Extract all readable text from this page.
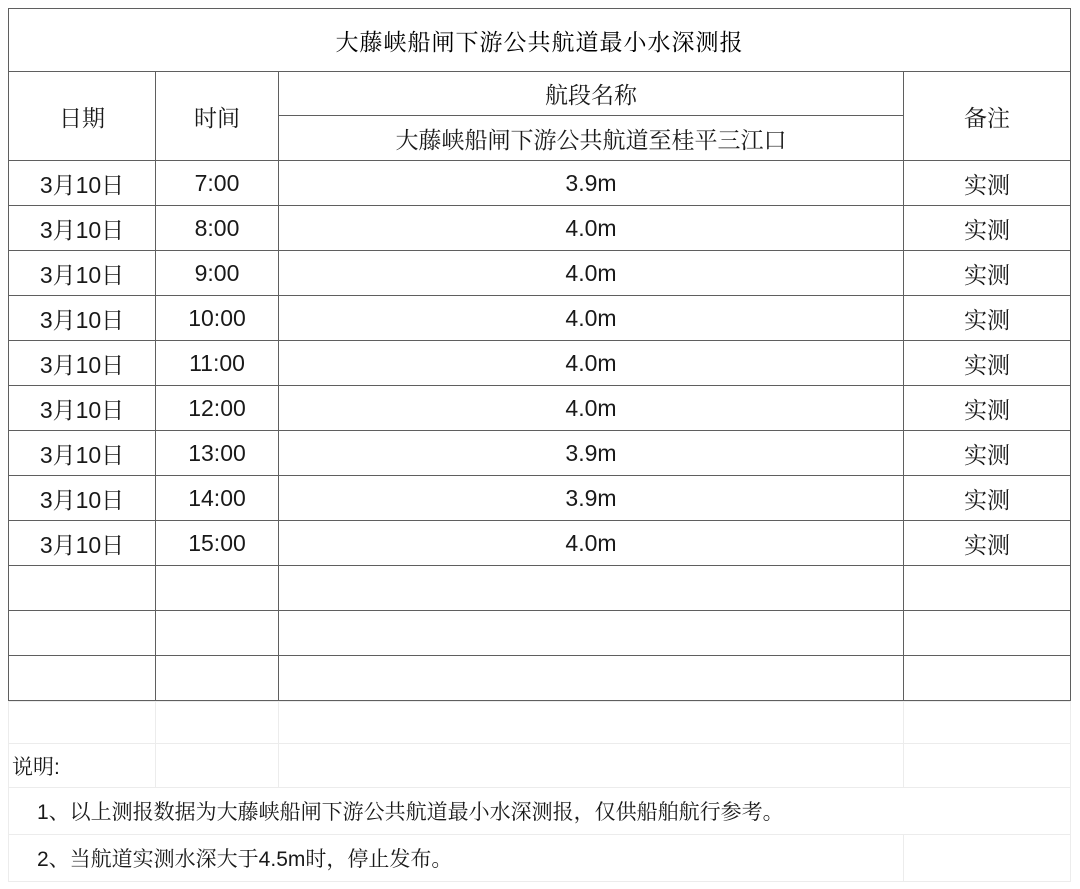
大藤峡船闸下游公共航道最小水深测报			
日期	时间	航段名称	备注
		大藤峡船闸下游公共航道至桂平三江口	
3月10日	7:00	3.9m	实测
3月10日	8:00	4.0m	实测
3月10日	9:00	4.0m	实测
3月10日	10:00	4.0m	实测
3月10日	11:00	4.0m	实测
3月10日	12:00	4.0m	实测
3月10日	13:00	3.9m	实测
3月10日	14:00	3.9m	实测
3月10日	15:00	4.0m	实测

说明:			
1、以上测报数据为大藤峡船闸下游公共航道最小水深测报，仅供船舶航行参考。			
2、当航道实测水深大于4.5m时，停止发布。			
